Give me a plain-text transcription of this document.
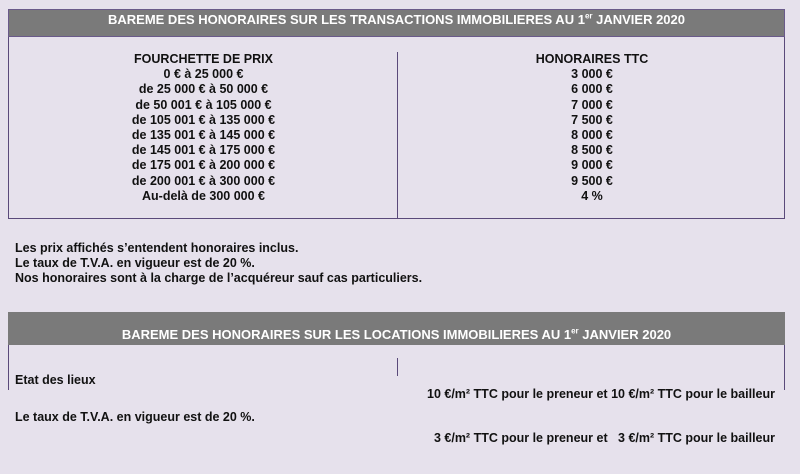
BAREME DES HONORAIRES SUR LES TRANSACTIONS IMMOBILIERES AU 1er JANVIER 2020
FOURCHETTE DE PRIX
0 € à 25 000 €
de 25 000 € à 50 000 €
de 50 001 € à 105 000 €
de 105 001 € à 135 000 €
de 135 001 € à 145 000 €
de 145 001 € à 175 000 €
de 175 001 € à 200 000 €
de 200 001 € à 300 000 €
Au-delà de 300 000 €
HONORAIRES TTC
3 000 €
6 000 €
7 000 €
7 500 €
8 000 €
8 500 €
9 000 €
9 500 €
4 %
Les prix affichés s’entendent honoraires inclus.
Le taux de T.V.A. en vigueur est de 20 %.
Nos honoraires sont à la charge de l’acquéreur sauf cas particuliers.
BAREME DES HONORAIRES SUR LES LOCATIONS IMMOBILIERES AU 1er JANVIER 2020
Etat des lieux

10 €/m² TTC pour le preneur et 10 €/m² TTC pour le bailleur

3 €/m² TTC pour le preneur et   3 €/m² TTC pour le bailleur

Le taux de T.V.A. en vigueur est de 20 %.
